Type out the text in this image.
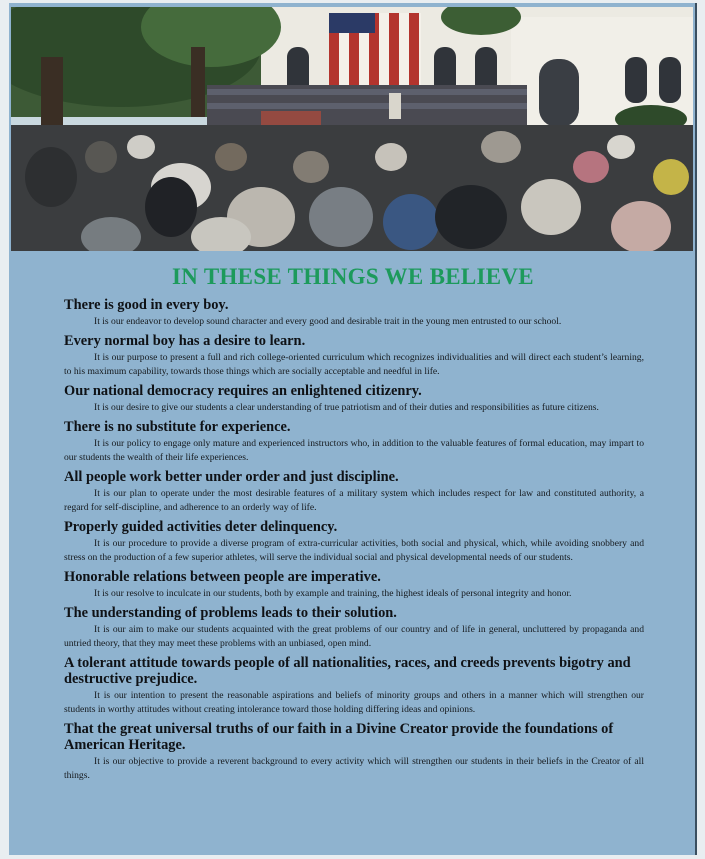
IN THESE THINGS WE BELIEVE
There is good in every boy.
It is our endeavor to develop sound character and every good and desirable trait in the young men entrusted to our school.
Every normal boy has a desire to learn.
It is our purpose to present a full and rich college-oriented curriculum which recognizes individualities and will direct each student’s learning, to his maximum capability, towards those things which are socially acceptable and needful in life.
Our national democracy requires an enlightened citizenry.
It is our desire to give our students a clear understanding of true patriotism and of their duties and responsibilities as future citizens.
There is no substitute for experience.
It is our policy to engage only mature and experienced instructors who, in addition to the valuable features of formal education, may impart to our students the wealth of their life experiences.
All people work better under order and just discipline.
It is our plan to operate under the most desirable features of a military system which includes respect for law and constituted authority, a regard for self-discipline, and adherence to an orderly way of life.
Properly guided activities deter delinquency.
It is our procedure to provide a diverse program of extra-curricular activities, both social and physical, which, while avoiding snobbery and stress on the production of a few superior athletes, will serve the individual social and physical developmental needs of our students.
Honorable relations between people are imperative.
It is our resolve to inculcate in our students, both by example and training, the highest ideals of personal integrity and honor.
The understanding of problems leads to their solution.
It is our aim to make our students acquainted with the great problems of our country and of life in general, uncluttered by propaganda and untried theory, that they may meet these problems with an unbiased, open mind.
A tolerant attitude towards people of all nationalities, races, and creeds prevents bigotry and destructive prejudice.
It is our intention to present the reasonable aspirations and beliefs of minority groups and others in a manner which will strengthen our students in worthy attitudes without creating intolerance toward those holding differing ideas and opinions.
That the great universal truths of our faith in a Divine Creator provide the foundations of American Heritage.
It is our objective to provide a reverent background to every activity which will strengthen our students in their beliefs in the Creator of all things.
